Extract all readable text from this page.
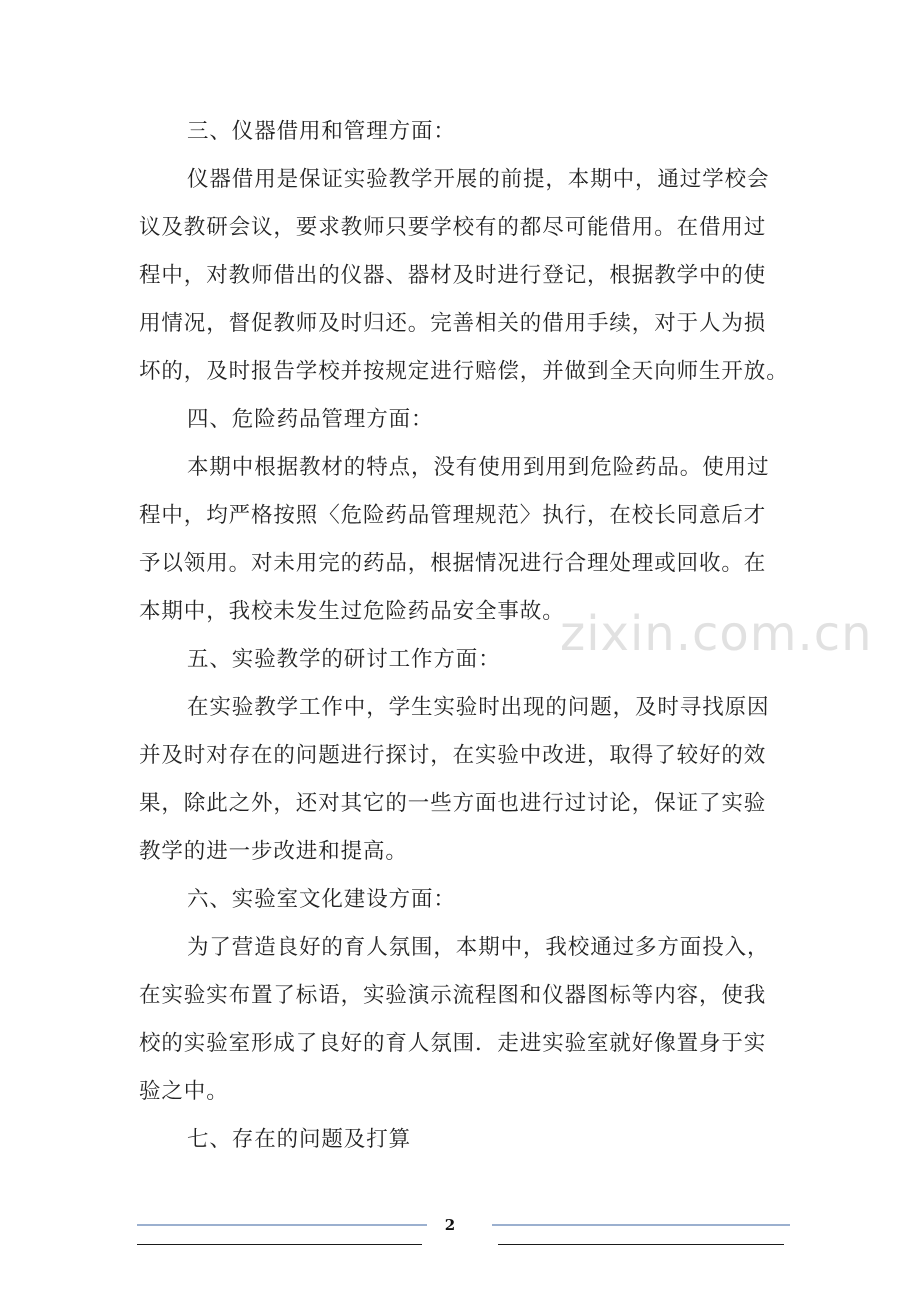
三、仪器借用和管理方面：
仪器借用是保证实验教学开展的前提，本期中，通过学校会
议及教研会议，要求教师只要学校有的都尽可能借用。在借用过
程中，对教师借出的仪器、器材及时进行登记，根据教学中的使
用情况，督促教师及时归还。完善相关的借用手续，对于人为损
坏的，及时报告学校并按规定进行赔偿，并做到全天向师生开放。
四、危险药品管理方面：
本期中根据教材的特点，没有使用到用到危险药品。使用过
程中，均严格按照〈危险药品管理规范〉执行，在校长同意后才
予以领用。对未用完的药品，根据情况进行合理处理或回收。在
本期中，我校未发生过危险药品安全事故。
五、实验教学的研讨工作方面：
在实验教学工作中，学生实验时出现的问题，及时寻找原因
并及时对存在的问题进行探讨，在实验中改进，取得了较好的效
果，除此之外，还对其它的一些方面也进行过讨论，保证了实验
教学的进一步改进和提高。
六、实验室文化建设方面：
为了营造良好的育人氛围，本期中，我校通过多方面投入，
在实验实布置了标语，实验演示流程图和仪器图标等内容，使我
校的实验室形成了良好的育人氛围．走进实验室就好像置身于实
验之中。
七、存在的问题及打算
zixin.com.cn
2
